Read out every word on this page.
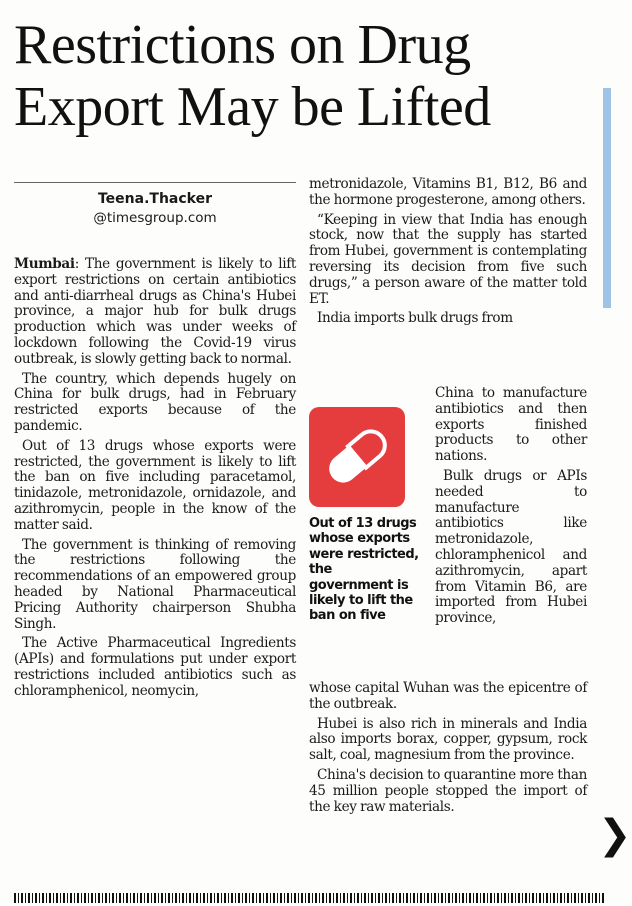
Restrictions on Drug Export May be Lifted
Teena.Thacker
@timesgroup.com

Mumbai: The government is likely to lift export restrictions on certain antibiotics and anti-diarrheal drugs as China's Hubei province, a major hub for bulk drugs production which was under weeks of lockdown following the Covid-19 virus outbreak, is slowly getting back to normal.

The country, which depends hugely on China for bulk drugs, had in February restricted exports because of the pandemic.

Out of 13 drugs whose exports were restricted, the government is likely to lift the ban on five including paracetamol, tinidazole, metronidazole, ornidazole, and azithromycin, people in the know of the matter said.

The government is thinking of removing the restrictions following the recommendations of an empowered group headed by National Pharmaceutical Pricing Authority chairperson Shubha Singh.

The Active Pharmaceutical Ingredients (APIs) and formulations put under export restrictions included antibiotics such as chloramphenicol, neomycin,

metronidazole, Vitamins B1, B12, B6 and the hormone progesterone, among others.

“Keeping in view that India has enough stock, now that the supply has started from Hubei, government is contemplating reversing its decision from five such drugs,” a person aware of the matter told ET.

India imports bulk drugs from

China to manufacture antibiotics and then exports finished products to other nations.

Bulk drugs or APIs needed to manufacture antibiotics like metronidazole, chloramphenicol and azithromycin, apart from Vitamin B6, are imported from Hubei province,

Out of 13 drugs whose exports were restricted, the government is likely to lift the ban on five

whose capital Wuhan was the epicentre of the outbreak.

Hubei is also rich in minerals and India also imports borax, copper, gypsum, rock salt, coal, magnesium from the province.

China's decision to quarantine more than 45 million people stopped the import of the key raw materials.

❯
